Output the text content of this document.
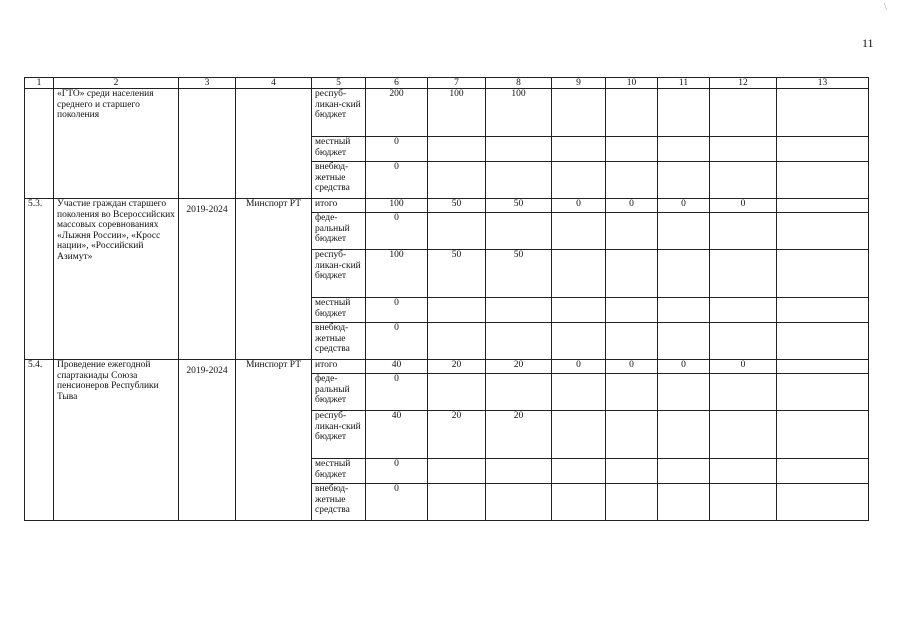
\
11
1	2	3	4	5	6	7	8	9	10	11	12	13
	«ГТО» среди населения среднего и старшего поколения			респуб-ликан-ский бюджет	200	100	100					
				местный бюджет	0							
				внебюд-жетные средства	0							
5.3.	Участие граждан старшего поколения во Всероссийских массовых соревнованиях «Лыжня России», «Кросс нации», «Российский Азимут»	2019-2024	Минспорт РТ	итого	100	50	50	0	0	0	0	
				феде-ральный бюджет	0							
				респуб-ликан-ский бюджет	100	50	50					
				местный бюджет	0							
				внебюд-жетные средства	0							
5.4.	Проведение ежегодной спартакиады Союза пенсионеров Республики Тыва	2019-2024	Минспорт РТ	итого	40	20	20	0	0	0	0	
				феде-ральный бюджет	0							
				респуб-ликан-ский бюджет	40	20	20					
				местный бюджет	0							
				внебюд-жетные средства	0							
